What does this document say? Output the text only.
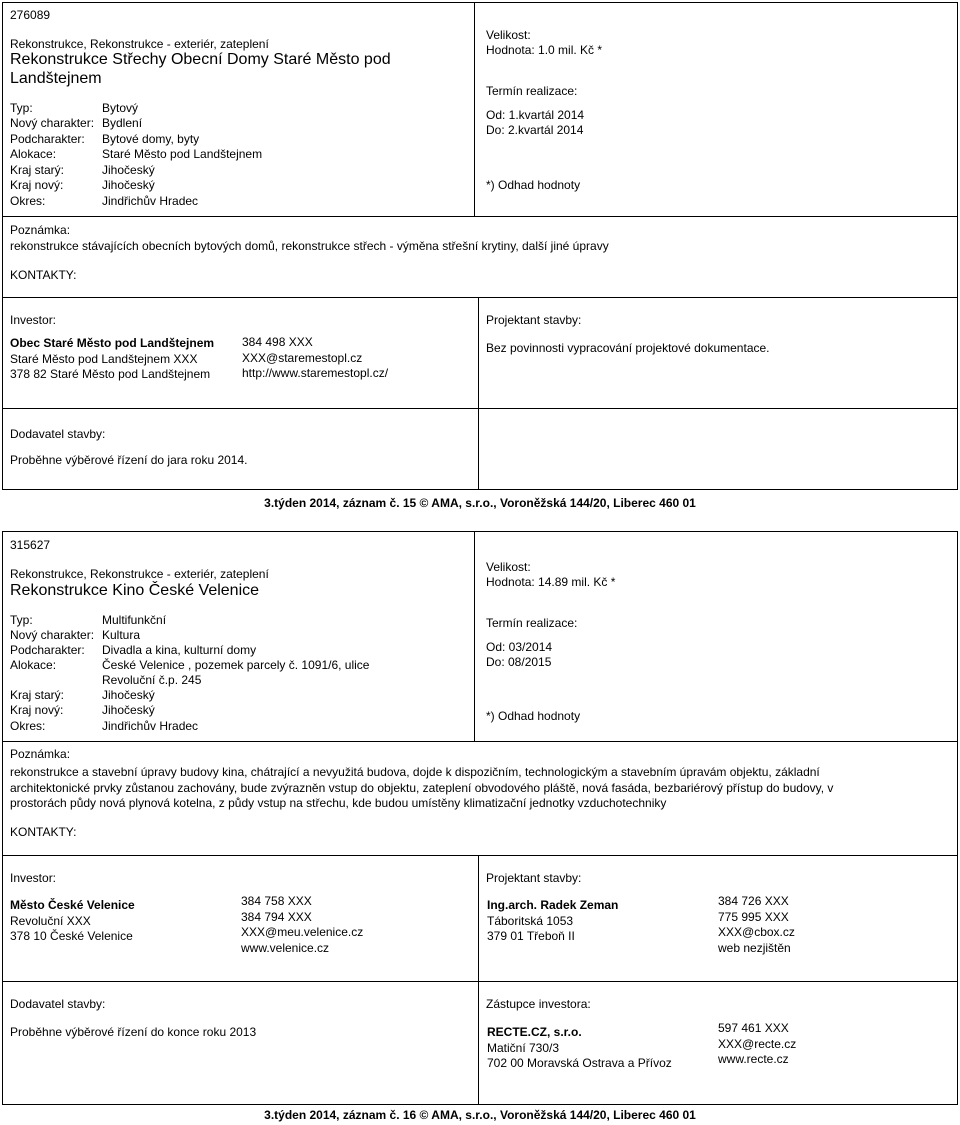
276089
Rekonstrukce, Rekonstrukce - exteriér, zateplení
Rekonstrukce Střechy Obecní Domy Staré Město pod
Landštejnem
Typ:	Bytový
Nový charakter: Bydlení
Podcharakter: Bytové domy, byty
Alokace:	Staré Město pod Landštejnem
Kraj starý:	Jihočeský
Kraj nový:	Jihočeský
Okres:	Jindřichův Hradec
Velikost:
Hodnota: 1.0 mil. Kč *
Termín realizace:
Od: 1.kvartál 2014
Do: 2.kvartál 2014
*) Odhad hodnoty
Poznámka:
rekonstrukce stávajících obecních bytových domů, rekonstrukce střech - výměna střešní krytiny, další jiné úpravy
KONTAKTY:
Investor:
Obec Staré Město pod Landštejnem
Staré Město pod Landštejnem XXX
378 82 Staré Město pod Landštejnem
384 498 XXX
XXX@staremestopl.cz
http://www.staremestopl.cz/
Projektant stavby:
Bez povinnosti vypracování projektové dokumentace.
Dodavatel stavby:
Proběhne výběrové řízení do jara roku 2014.
3.týden 2014, záznam č. 15 © AMA, s.r.o., Voroněžská 144/20, Liberec 460 01
315627
Rekonstrukce, Rekonstrukce - exteriér, zateplení
Rekonstrukce Kino České Velenice
Typ:	Multifunkční
Nový charakter: Kultura
Podcharakter: Divadla a kina, kulturní domy
Alokace:	České Velenice , pozemek parcely č. 1091/6, ulice
Revoluční č.p. 245
Kraj starý:	Jihočeský
Kraj nový:	Jihočeský
Okres:	Jindřichův Hradec
Velikost:
Hodnota: 14.89 mil. Kč *
Termín realizace:
Od: 03/2014
Do: 08/2015
*) Odhad hodnoty
Poznámka:
rekonstrukce a stavební úpravy budovy kina, chátrající a nevyužitá budova, dojde k dispozičním, technologickým a stavebním úpravám objektu, základní
architektonické prvky zůstanou zachovány, bude zvýrazněn vstup do objektu, zateplení obvodového pláště, nová fasáda, bezbariérový přístup do budovy, v
prostorách půdy nová plynová kotelna, z půdy vstup na střechu, kde budou umístěny klimatizační jednotky vzduchotechniky
KONTAKTY:
Investor:
Město České Velenice
Revoluční XXX
378 10 České Velenice
384 758 XXX
384 794 XXX
XXX@meu.velenice.cz
www.velenice.cz
Projektant stavby:
Ing.arch. Radek Zeman
Táboritská 1053
379 01 Třeboň II
384 726 XXX
775 995 XXX
XXX@cbox.cz
web nezjištěn
Dodavatel stavby:
Proběhne výběrové řízení do konce roku 2013
Zástupce investora:
RECTE.CZ, s.r.o.
Matiční 730/3
702 00 Moravská Ostrava a Přívoz
597 461 XXX
XXX@recte.cz
www.recte.cz
3.týden 2014, záznam č. 16 © AMA, s.r.o., Voroněžská 144/20, Liberec 460 01
